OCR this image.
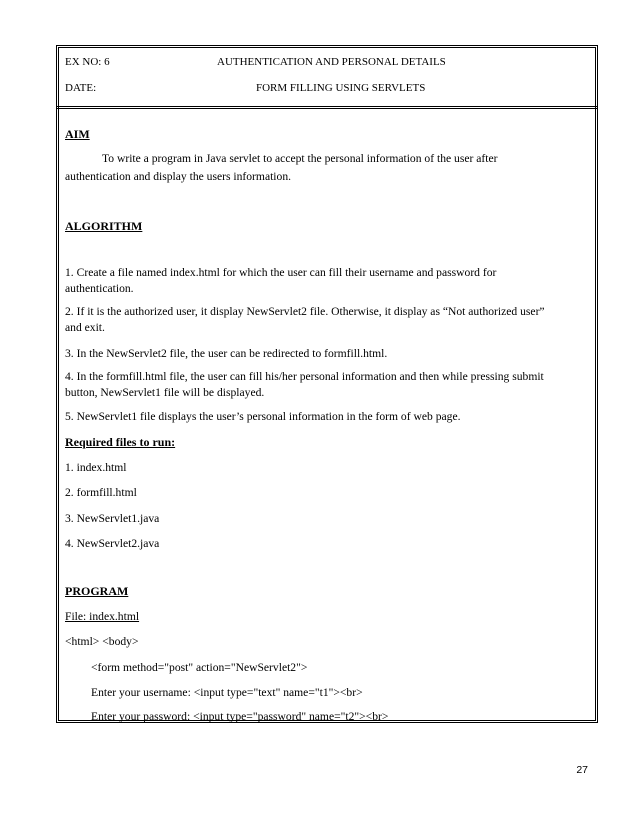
EX NO: 6	AUTHENTICATION AND PERSONAL DETAILS
DATE:	FORM FILLING USING SERVLETS
AIM
To write a program in Java servlet to accept the personal information of the user after
authentication and display the users information.
ALGORITHM
1. Create a file named index.html for which the user can fill their username and password for
authentication.
2. If it is the authorized user, it display NewServlet2 file. Otherwise, it display as “Not authorized user”
and exit.
3. In the NewServlet2 file, the user can be redirected to formfill.html.
4. In the formfill.html file, the user can fill his/her personal information and then while pressing submit
button, NewServlet1 file will be displayed.
5. NewServlet1 file displays the user’s personal information in the form of web page.
Required files to run:
1. index.html
2. formfill.html
3. NewServlet1.java
4. NewServlet2.java
PROGRAM
File: index.html
<html> <body>
<form method="post" action="NewServlet2">
Enter your username: <input type="text" name="t1"><br>
Enter your password: <input type="password" name="t2"><br>
27
